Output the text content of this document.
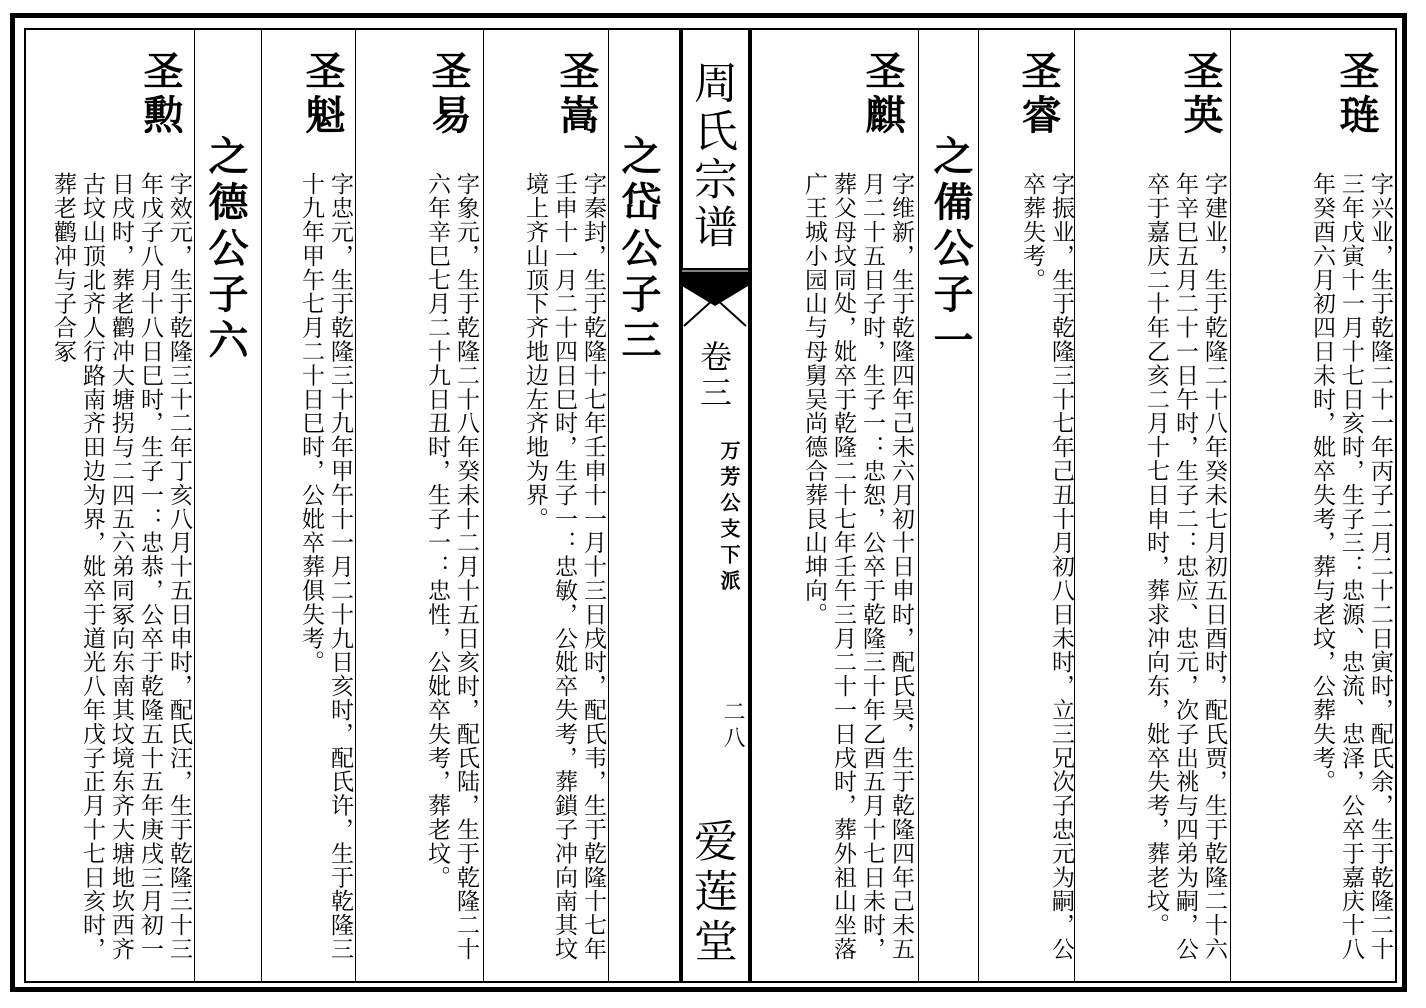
周氏宗谱
卷三
万芳公支下派
二八
爱莲堂
之備公子一
圣琏
字兴业，生于乾隆二十一年丙子二月二十二日寅时，配氏余，生于乾隆二十三年戊寅十一月十七日亥时，生子三：忠源、忠流、忠泽，公卒于嘉庆十八年癸酉六月初四日未时，妣卒失考，葬与老坟，公葬失考。
圣英
字建业，生于乾隆二十八年癸未七月初五日酉时，配氏贾，生于乾隆二十六年辛巳五月二十一日午时，生子二：忠应、忠元，次子出祧与四弟为嗣，公卒于嘉庆二十年乙亥二月十七日申时，葬求冲向东，妣卒失考，葬老坟。
圣睿
字振业，生于乾隆三十七年己丑十月初八日未时，立三兄次子忠元为嗣，公卒葬失考。
圣麒
字维新，生于乾隆四年己未六月初十日申时，配氏吴，生于乾隆四年己未五月二十五日子时，生子一：忠恕，公卒于乾隆三十年乙酉五月十七日未时，葬父母坟同处，妣卒于乾隆二十七年壬午三月二十一日戌时，葬外祖山坐落广王城小园山与母舅吴尚德合葬艮山坤向。
之岱公子三
之德公子六
圣嵩
字秦封，生于乾隆十七年壬申十一月十三日戌时，配氏韦，生于乾隆十七年壬申十一月二十四日巳时，生子一：忠敏，公妣卒失考，葬鎖子冲向南其坟境上齐山顶下齐地边左齐地为界。
圣易
字象元，生于乾隆二十八年癸未十二月十五日亥时，配氏陆，生于乾隆二十六年辛巳七月二十九日丑时，生子一：忠性，公妣卒失考，葬老坟。
圣魁
字忠元，生于乾隆三十九年甲午十一月二十九日亥时，配氏许，生于乾隆三十九年甲午七月二十日巳时，公妣卒葬俱失考。
圣勲
字效元，生于乾隆三十二年丁亥八月十五日申时，配氏汪，生于乾隆三十三年戊子八月十八日巳时，生子一：忠恭，公卒于乾隆五十五年庚戌三月初一日戌时，葬老鹳冲大塘拐与二四五六弟同冢向东南其坟境东齐大塘地坎西齐古坟山顶北齐人行路南齐田边为界，妣卒于道光八年戊子正月十七日亥时，葬老鹳冲与子合冢
